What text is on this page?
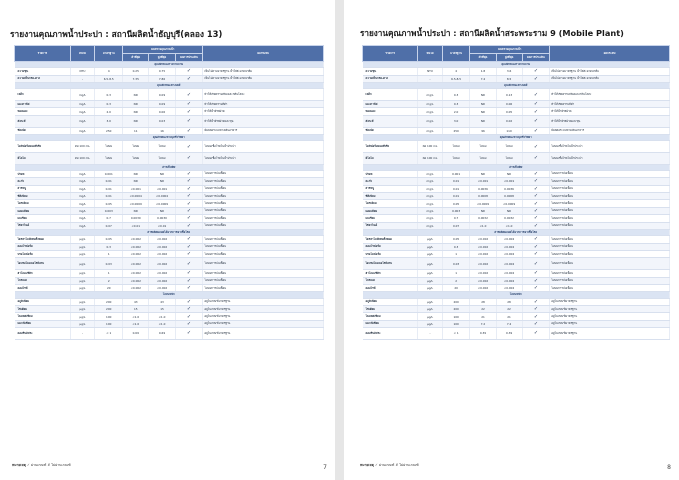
รายงานคุณภาพน้ำประปา : สถานีผลิตน้ำธัญบุรี(คลอง 13)
รายการ	หน่วย	มาตรฐาน	ผลตรวจคุณภาพน้ำ			ผลกระทบ
			ต่ำที่สุด	สูงที่สุด	ผลการประเมิน	
คุณลักษณะทางกายภาพ						
ความขุ่น	NTU	4	0.25	0.75	✓	เป็นไปตามมาตรฐาน น้ำใสสะอาดน่าดื่ม
ความเป็นกรด-ด่าง	-	6.5-8.5	7.35	7.86	✓	เป็นไปตามมาตรฐาน น้ำใสสะอาดน่าดื่ม
คุณลักษณะทางเคมี						
เหล็ก	mg/L	0.3	ND	0.09	✓	ทำให้เกิดคราบสนิมและกลิ่นโลหะ
แมงกานีส	mg/L	0.3	ND	0.09	✓	ทำให้เกิดคราบสีดำ
ทองแดง	mg/L	2.0	ND	0.06	✓	ทำให้น้ำมีรสฝาด
สังกะสี	mg/L	3.0	ND	0.03	✓	ทำให้น้ำมีรสฝาดและขุ่น
ซัลเฟต	mg/L	250	11	16	✓	มีผลต่อระบบทางเดินอาหาร
คุณลักษณะทางจุลชีววิทยา						
โคลิฟอร์มแบคทีเรีย	ต่อ 100 mL	ไม่พบ	ไม่พบ	ไม่พบ	✓	ไม่พบเชื้อโรคในน้ำประปา
อีโคไล	ต่อ 100 mL	ไม่พบ	ไม่พบ	ไม่พบ	✓	ไม่พบเชื้อโรคในน้ำประปา
สารเป็นพิษ						
ปรอท	mg/L	0.001	ND	ND	✓	ไม่พบการปนเปื้อน
ตะกั่ว	mg/L	0.01	ND	ND	✓	ไม่พบการปนเปื้อน
สารหนู	mg/L	0.01	<0.001	<0.001	✓	ไม่พบการปนเปื้อน
ซีลีเนียม	mg/L	0.01	<0.0004	<0.0004	✓	ไม่พบการปนเปื้อน
โครเมียม	mg/L	0.05	<0.0009	<0.0009	✓	ไม่พบการปนเปื้อน
แคดเมียม	mg/L	0.003	ND	ND	✓	ไม่พบการปนเปื้อน
แบเรียม	mg/L	0.7	0.0030	0.0030	✓	ไม่พบการปนเปื้อน
ไซยาไนด์	mg/L	0.07	<0.01	<0.01	✓	ไม่พบการปนเปื้อน
สารผลิตพลอยได้จากการฆ่าเชื้อโรค						
ไตรฮาโลมีเทนทั้งหมด	μg/L	0.05	<0.002	<0.002	✓	ไม่พบการปนเปื้อน
คลอโรฟอร์ม	μg/L	0.3	<0.002	<0.002	✓	ไม่พบการปนเปื้อน
บรอโมฟอร์ม	μg/L	1	<0.002	<0.002	✓	ไม่พบการปนเปื้อน
ไดบรอโมคลอโรมีเทน	μg/L	0.03	<0.002	<0.002	✓	ไม่พบการปนเปื้อน
ฮาโลอะซิติก	μg/L	1	<0.002	<0.002	✓	ไม่พบการปนเปื้อน
โบรเมต	μg/L	2	<0.002	<0.002	✓	ไม่พบการปนเปื้อน
คลอไรท์	μg/L	20	<0.002	<0.002	✓	ไม่พบการปนเปื้อน
โลหะหนัก						
อลูมิเนียม	μg/L	200	43	43	✓	อยู่ในเกณฑ์มาตรฐาน
โซเดียม	μg/L	200	15	15	✓	อยู่ในเกณฑ์มาตรฐาน
โพแทสเซียม	μg/L	100	<1.0	<1.0	✓	อยู่ในเกณฑ์มาตรฐาน
แมกนีเซียม	μg/L	100	<1.0	<1.0	✓	อยู่ในเกณฑ์มาตรฐาน
คลอรีนอิสระ	-	< 1	0.69	0.69	✓	อยู่ในเกณฑ์มาตรฐาน
หมายเหตุ ✓ ผ่านเกณฑ์ ✗ ไม่ผ่านเกณฑ์	7
รายงานคุณภาพน้ำประปา : สถานีผลิตน้ำสระพระราม 9 (Mobile Plant)
รายการ	หน่วย	มาตรฐาน	ผลตรวจคุณภาพน้ำ			ผลกระทบ
			ต่ำที่สุด	สูงที่สุด	ผลการประเมิน	
คุณลักษณะทางกายภาพ						
ความขุ่น	NTU	4	1.8	3.6	✓	เป็นไปตามมาตรฐาน น้ำใสสะอาดน่าดื่ม
ความเป็นกรด-ด่าง	-	6.5-8.5	7.4	8.5	✓	เป็นไปตามมาตรฐาน น้ำใสสะอาดน่าดื่ม
คุณลักษณะทางเคมี						
เหล็ก	mg/L	0.3	ND	0.13	✓	ทำให้เกิดคราบสนิมและกลิ่นโลหะ
แมงกานีส	mg/L	0.3	ND	0.06	✓	ทำให้เกิดคราบสีดำ
ทองแดง	mg/L	2.0	ND	0.05	✓	ทำให้น้ำมีรสฝาด
สังกะสี	mg/L	3.0	ND	0.02	✓	ทำให้น้ำมีรสฝาดและขุ่น
ซัลเฟต	mg/L	250	96	110	✓	มีผลต่อระบบทางเดินอาหาร
คุณลักษณะทางจุลชีววิทยา						
โคลิฟอร์มแบคทีเรีย	ต่อ 100 mL	ไม่พบ	ไม่พบ	ไม่พบ	✓	ไม่พบเชื้อโรคในน้ำประปา
อีโคไล	ต่อ 100 mL	ไม่พบ	ไม่พบ	ไม่พบ	✓	ไม่พบเชื้อโรคในน้ำประปา
สารเป็นพิษ						
ปรอท	mg/L	0.001	ND	ND	✓	ไม่พบการปนเปื้อน
ตะกั่ว	mg/L	0.01	<0.001	<0.001	✓	ไม่พบการปนเปื้อน
สารหนู	mg/L	0.01	0.0036	0.0036	✓	ไม่พบการปนเปื้อน
ซีลีเนียม	mg/L	0.01	0.0008	0.0008	✓	ไม่พบการปนเปื้อน
โครเมียม	mg/L	0.05	<0.0009	<0.0009	✓	ไม่พบการปนเปื้อน
แคดเมียม	mg/L	0.003	ND	ND	✓	ไม่พบการปนเปื้อน
แบเรียม	mg/L	0.7	0.0032	0.0032	✓	ไม่พบการปนเปื้อน
ไซยาไนด์	mg/L	0.07	<1.0	<1.0	✓	ไม่พบการปนเปื้อน
สารผลิตพลอยได้จากการฆ่าเชื้อโรค						
ไตรฮาโลมีเทนทั้งหมด	μg/L	0.05	<0.002	<0.002	✓	ไม่พบการปนเปื้อน
คลอโรฟอร์ม	μg/L	0.3	<0.002	<0.002	✓	ไม่พบการปนเปื้อน
บรอโมฟอร์ม	μg/L	1	<0.002	<0.002	✓	ไม่พบการปนเปื้อน
ไดบรอโมคลอโรมีเทน	μg/L	0.03	<0.002	<0.002	✓	ไม่พบการปนเปื้อน
ฮาโลอะซิติก	μg/L	1	<0.002	<0.002	✓	ไม่พบการปนเปื้อน
โบรเมต	μg/L	2	<0.002	<0.002	✓	ไม่พบการปนเปื้อน
คลอไรท์	μg/L	20	<0.002	<0.002	✓	ไม่พบการปนเปื้อน
โลหะหนัก						
อลูมิเนียม	μg/L	200	28	28	✓	อยู่ในเกณฑ์มาตรฐาน
โซเดียม	μg/L	200	22	22	✓	อยู่ในเกณฑ์มาตรฐาน
โพแทสเซียม	μg/L	100	21	21	✓	อยู่ในเกณฑ์มาตรฐาน
แมกนีเซียม	μg/L	100	7.2	7.2	✓	อยู่ในเกณฑ์มาตรฐาน
คลอรีนอิสระ	-	< 1	0.39	0.39	✓	อยู่ในเกณฑ์มาตรฐาน
หมายเหตุ ✓ ผ่านเกณฑ์ ✗ ไม่ผ่านเกณฑ์	8
